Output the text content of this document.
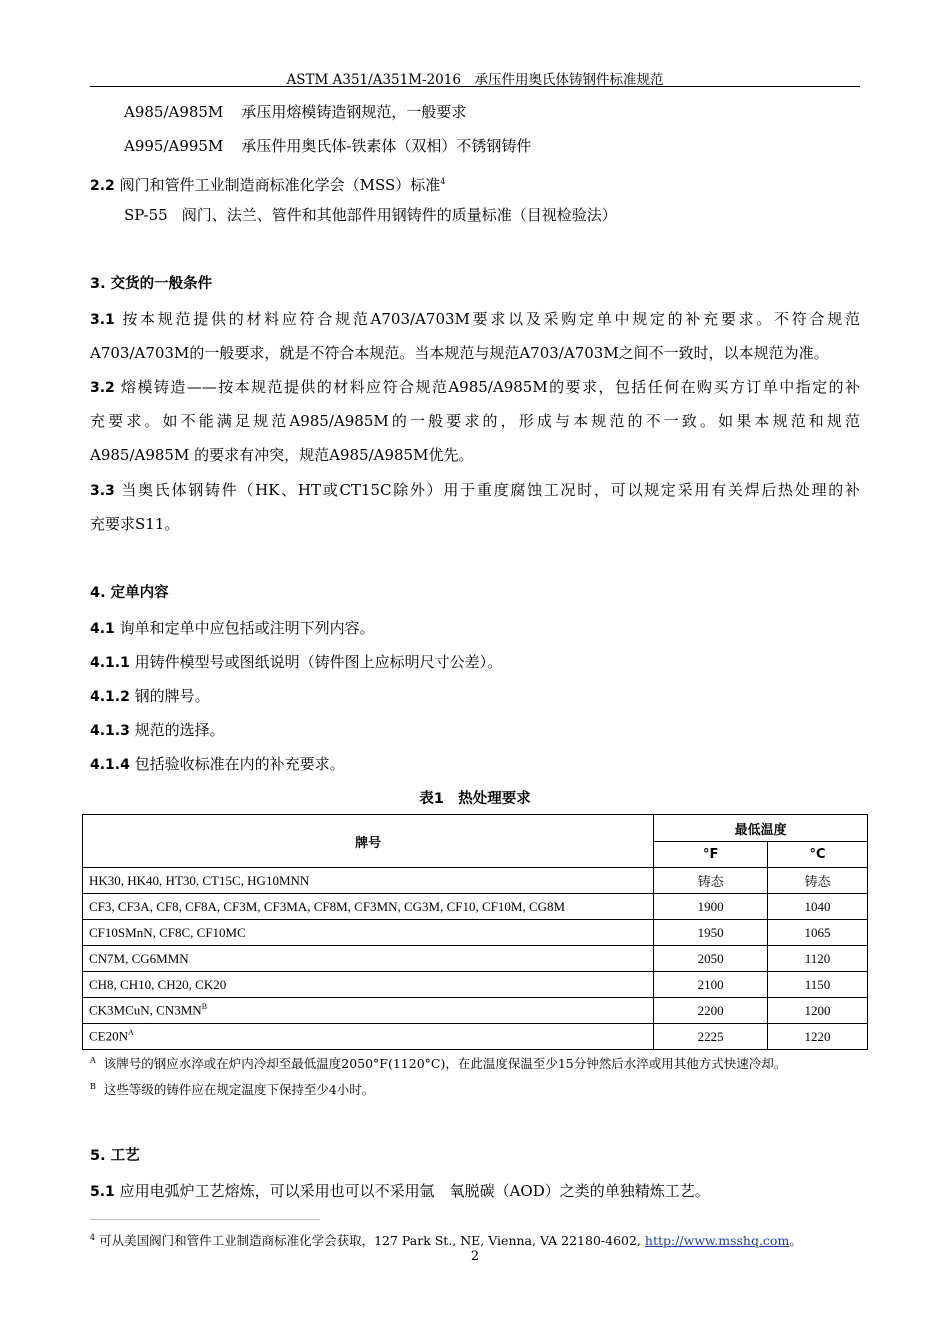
ASTM A351/A351M-2016　承压件用奥氏体铸钢件标准规范
A985/A985M 承压用熔模铸造钢规范，一般要求
A995/A995M 承压件用奥氏体-铁素体（双相）不锈钢铸件
2.2 阀门和管件工业制造商标准化学会（MSS）标准$^4$
SP-55 阀门、法兰、管件和其他部件用钢铸件的质量标准（目视检验法）
3. 交货的一般条件
3.1 按本规范提供的材料应符合规范A703/A703M要求以及采购定单中规定的补充要求。不符合规范
A703/A703M的一般要求，就是不符合本规范。当本规范与规范A703/A703M之间不一致时，以本规范为准。
3.2 熔模铸造——按本规范提供的材料应符合规范A985/A985M的要求，包括任何在购买方订单中指定的补
充要求。如不能满足规范A985/A985M的一般要求的，形成与本规范的不一致。如果本规范和规范
A985/A985M 的要求有冲突，规范A985/A985M优先。
3.3 当奥氏体钢铸件（HK、HT或CT15C除外）用于重度腐蚀工况时，可以规定采用有关焊后热处理的补
充要求S11。
4. 定单内容
4.1 询单和定单中应包括或注明下列内容。
4.1.1 用铸件模型号或图纸说明（铸件图上应标明尺寸公差）。
4.1.2 钢的牌号。
4.1.3 规范的选择。
4.1.4 包括验收标准在内的补充要求。
表1　热处理要求
牌号	最低温度	
	°F	°C
HK30, HK40, HT30, CT15C, HG10MNN	铸态	铸态
CF3, CF3A, CF8, CF8A, CF3M, CF3MA, CF8M, CF3MN, CG3M, CF10, CF10M, CG8M	1900	1040
CF10SMnN, CF8C, CF10MC	1950	1065
CN7M, CG6MMN	2050	1120
CH8, CH10, CH20, CK20	2100	1150
CK3MCuN, $CN3MN^B$	2200	1200
$CE20N^A$	2225	1220
$^A$ 该牌号的钢应水淬或在炉内冷却至最低温度2050°F(1120°C)，在此温度保温至少15分钟然后水淬或用其他方式快速冷却。
$^B$ 这些等级的铸件应在规定温度下保持至少4小时。
5. 工艺
5.1 应用电弧炉工艺熔炼，可以采用也可以不采用氩　氧脱碳（AOD）之类的单独精炼工艺。
$^4$ 可从美国阀门和管件工业制造商标准化学会获取，127 Park St., NE, Vienna, VA 22180-4602, http://www.msshq.com。
2
